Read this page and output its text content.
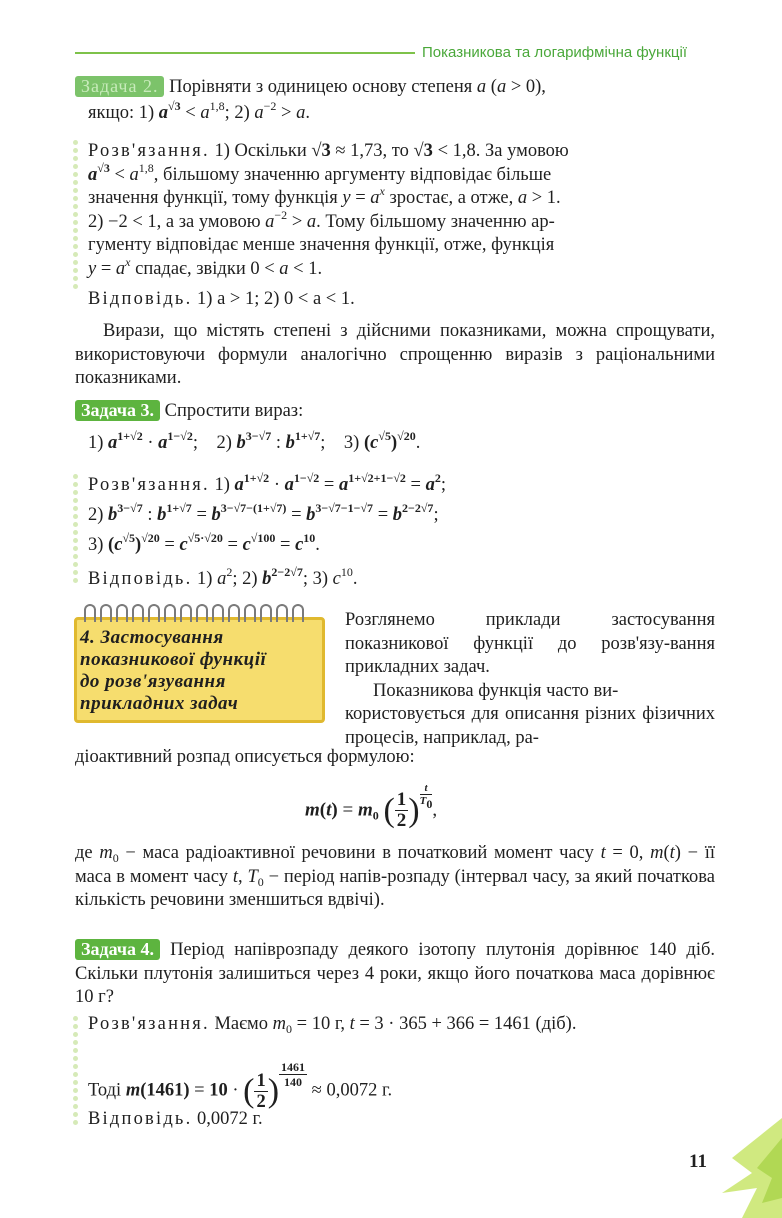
Показникова та логарифмічна функції
Задача 2. Порівняти з одиницею основу степеня a (a > 0),
якщо: 1) $a^{√3} < a^{1,8}$; 2) $a^{-2} > a$.
Розв'язання. 1) Оскільки √3 ≈ 1,73, то √3 < 1,8. За умовою
$a^{√3} < a^{1,8}$, більшому значенню аргументу відповідає більше
значення функції, тому функція $y = a^x$ зростає, а отже, a > 1.
2) −2 < 1, а за умовою $a^{-2} > a$. Тому більшому значенню ар-
гументу відповідає менше значення функції, отже, функція
$y = a^x$ спадає, звідки 0 < a < 1.
Відповідь. 1) a > 1; 2) 0 < a < 1.
Вирази, що містять степені з дійсними показниками, можна спрощувати, використовуючи формули аналогічно спрощенню виразів з раціональними показниками.
Задача 3. Спростити вираз:
1) $a^{1+√2} \cdot a^{1-√2}$;    2) $b^{3-√7}$ : $b^{1+√7}$;    3) $(c^{√5})^{√20}$.
Розв'язання. 1) $a^{1+√2} \cdot a^{1-√2} = a^{1+√2+1-√2} = a^2$;
2) $b^{3-√7}$ : $b^{1+√7} = b^{3-√7-(1+√7)} = b^{3-√7-1-√7} = b^{2-2√7}$;
3) $(c^{√5})^{√20} = c^{√5\cdot√20} = c^{√100} = c^{10}$.
Відповідь. 1) $a^2$; 2) $b^{2-2√7}$; 3) $c^{10}$.
4. Застосування
показникової функції
до розв'язування
прикладних задач
Розглянемо приклади застосування показникової функції до розв'язу-вання прикладних задач.
Показникова функція часто ви-
користовується для описання різних фізичних процесів, наприклад, ра-
діоактивний розпад описується формулою:
$m(t) = m_0$ ( $\frac{1}{2}$ ) $^{\frac{t}{T_0}}$
,
де $m_0$ − маса радіоактивної речовини в початковий момент часу t = 0, m(t) − її маса в момент часу t, $T_0$ − період напів-розпаду (інтервал часу, за який початкова кількість речовини зменшиться вдвічі).
Задача 4. Період напіврозпаду деякого ізотопу плутонія дорівнює 140 діб. Скільки плутонія залишиться через 4 роки, якщо його початкова маса дорівнює 10 г?
Розв'язання. Маємо $m_0 = 10$ г, t = 3 · 365 + 366 = 1461 (діб).
Тоді m(1461) = 10 · ( $\frac{1}{2}$ ) $^{\frac{1461}{140}}$
≈ 0,0072 г.
Відповідь. 0,0072 г.
11
